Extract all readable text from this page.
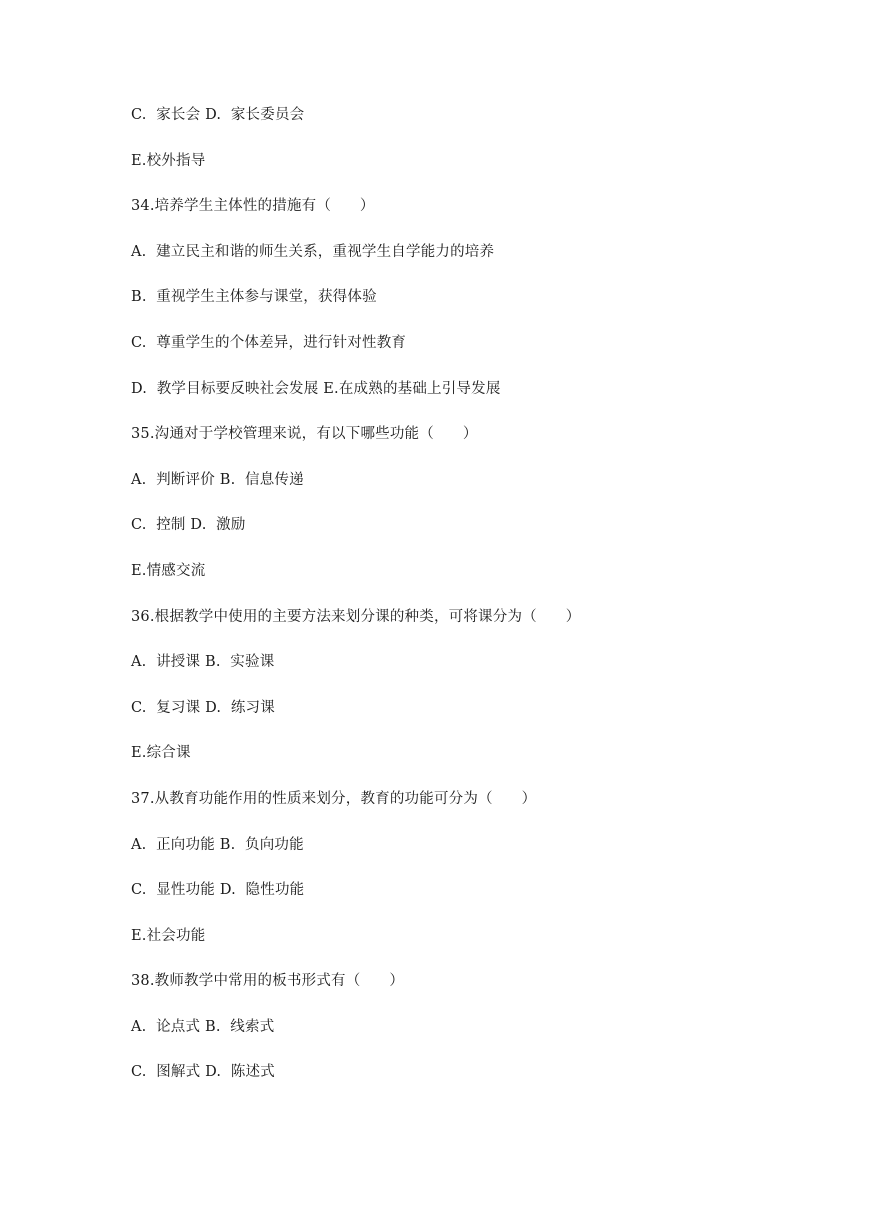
C.  家长会 D.  家长委员会
E.校外指导
34.培养学生主体性的措施有（      ）
A.  建立民主和谐的师生关系，重视学生自学能力的培养
B.  重视学生主体参与课堂，获得体验
C.  尊重学生的个体差异，进行针对性教育
D.  教学目标要反映社会发展 E.在成熟的基础上引导发展
35.沟通对于学校管理来说，有以下哪些功能（      ）
A.  判断评价 B.  信息传递
C.  控制 D.  激励
E.情感交流
36.根据教学中使用的主要方法来划分课的种类，可将课分为（      ）
A.  讲授课 B.  实验课
C.  复习课 D.  练习课
E.综合课
37.从教育功能作用的性质来划分，教育的功能可分为（      ）
A.  正向功能 B.  负向功能
C.  显性功能 D.  隐性功能
E.社会功能
38.教师教学中常用的板书形式有（      ）
A.  论点式 B.  线索式
C.  图解式 D.  陈述式
